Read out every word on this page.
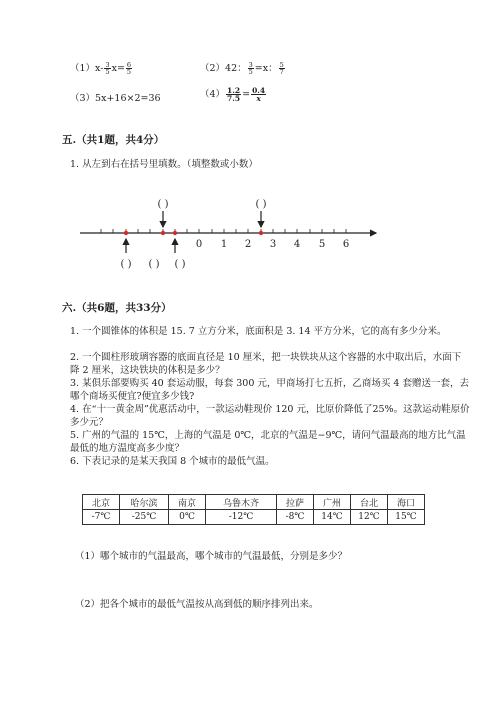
$(1)x- \frac{3}{5} x= \frac{6}{5}$	（2）42： $\frac{3}{5} =x$： $\frac{5}{7}$
（3）5x+16×2=36	$(4) \frac{1.2}{7.5} = \frac{0.4}{x}$
五.（共1题，共4分）
1. 从左到右在括号里填数。（填整数或小数）
0 1 2 3 4 5 6
( )	( )
( ) ( ) ( )
六.（共6题，共33分）
1. 一个圆锥体的体积是 15. 7 立方分米，底面积是 3. 14 平方分米，它的高有多少分米。
2. 一个圆柱形玻璃容器的底面直径是 10 厘米，把一块铁块从这个容器的水中取出后，水面下降 2 厘米，这块铁块的体积是多少？
3. 某俱乐部要购买 40 套运动服，每套 300 元，甲商场打七五折，乙商场买 4 套赠送一套，去哪个商场买便宜?便宜多少钱?
4. 在“十一黄金周”优惠活动中，一款运动鞋现价 120 元，比原价降低了25%。这款运动鞋原价多少元？
5. 广州的气温的 15℃，上海的气温是 0℃，北京的气温是−9℃，请问气温最高的地方比气温最低的地方温度高多少度？
6. 下表记录的是某天我国 8 个城市的最低气温。
北京	哈尔滨	南京	乌鲁木齐	拉萨	广州	台北	海口
-7℃	-25℃	0℃	-12℃	-8℃	14℃	12℃	15℃
（1）哪个城市的气温最高，哪个城市的气温最低，分别是多少？
（2）把各个城市的最低气温按从高到低的顺序排列出来。
